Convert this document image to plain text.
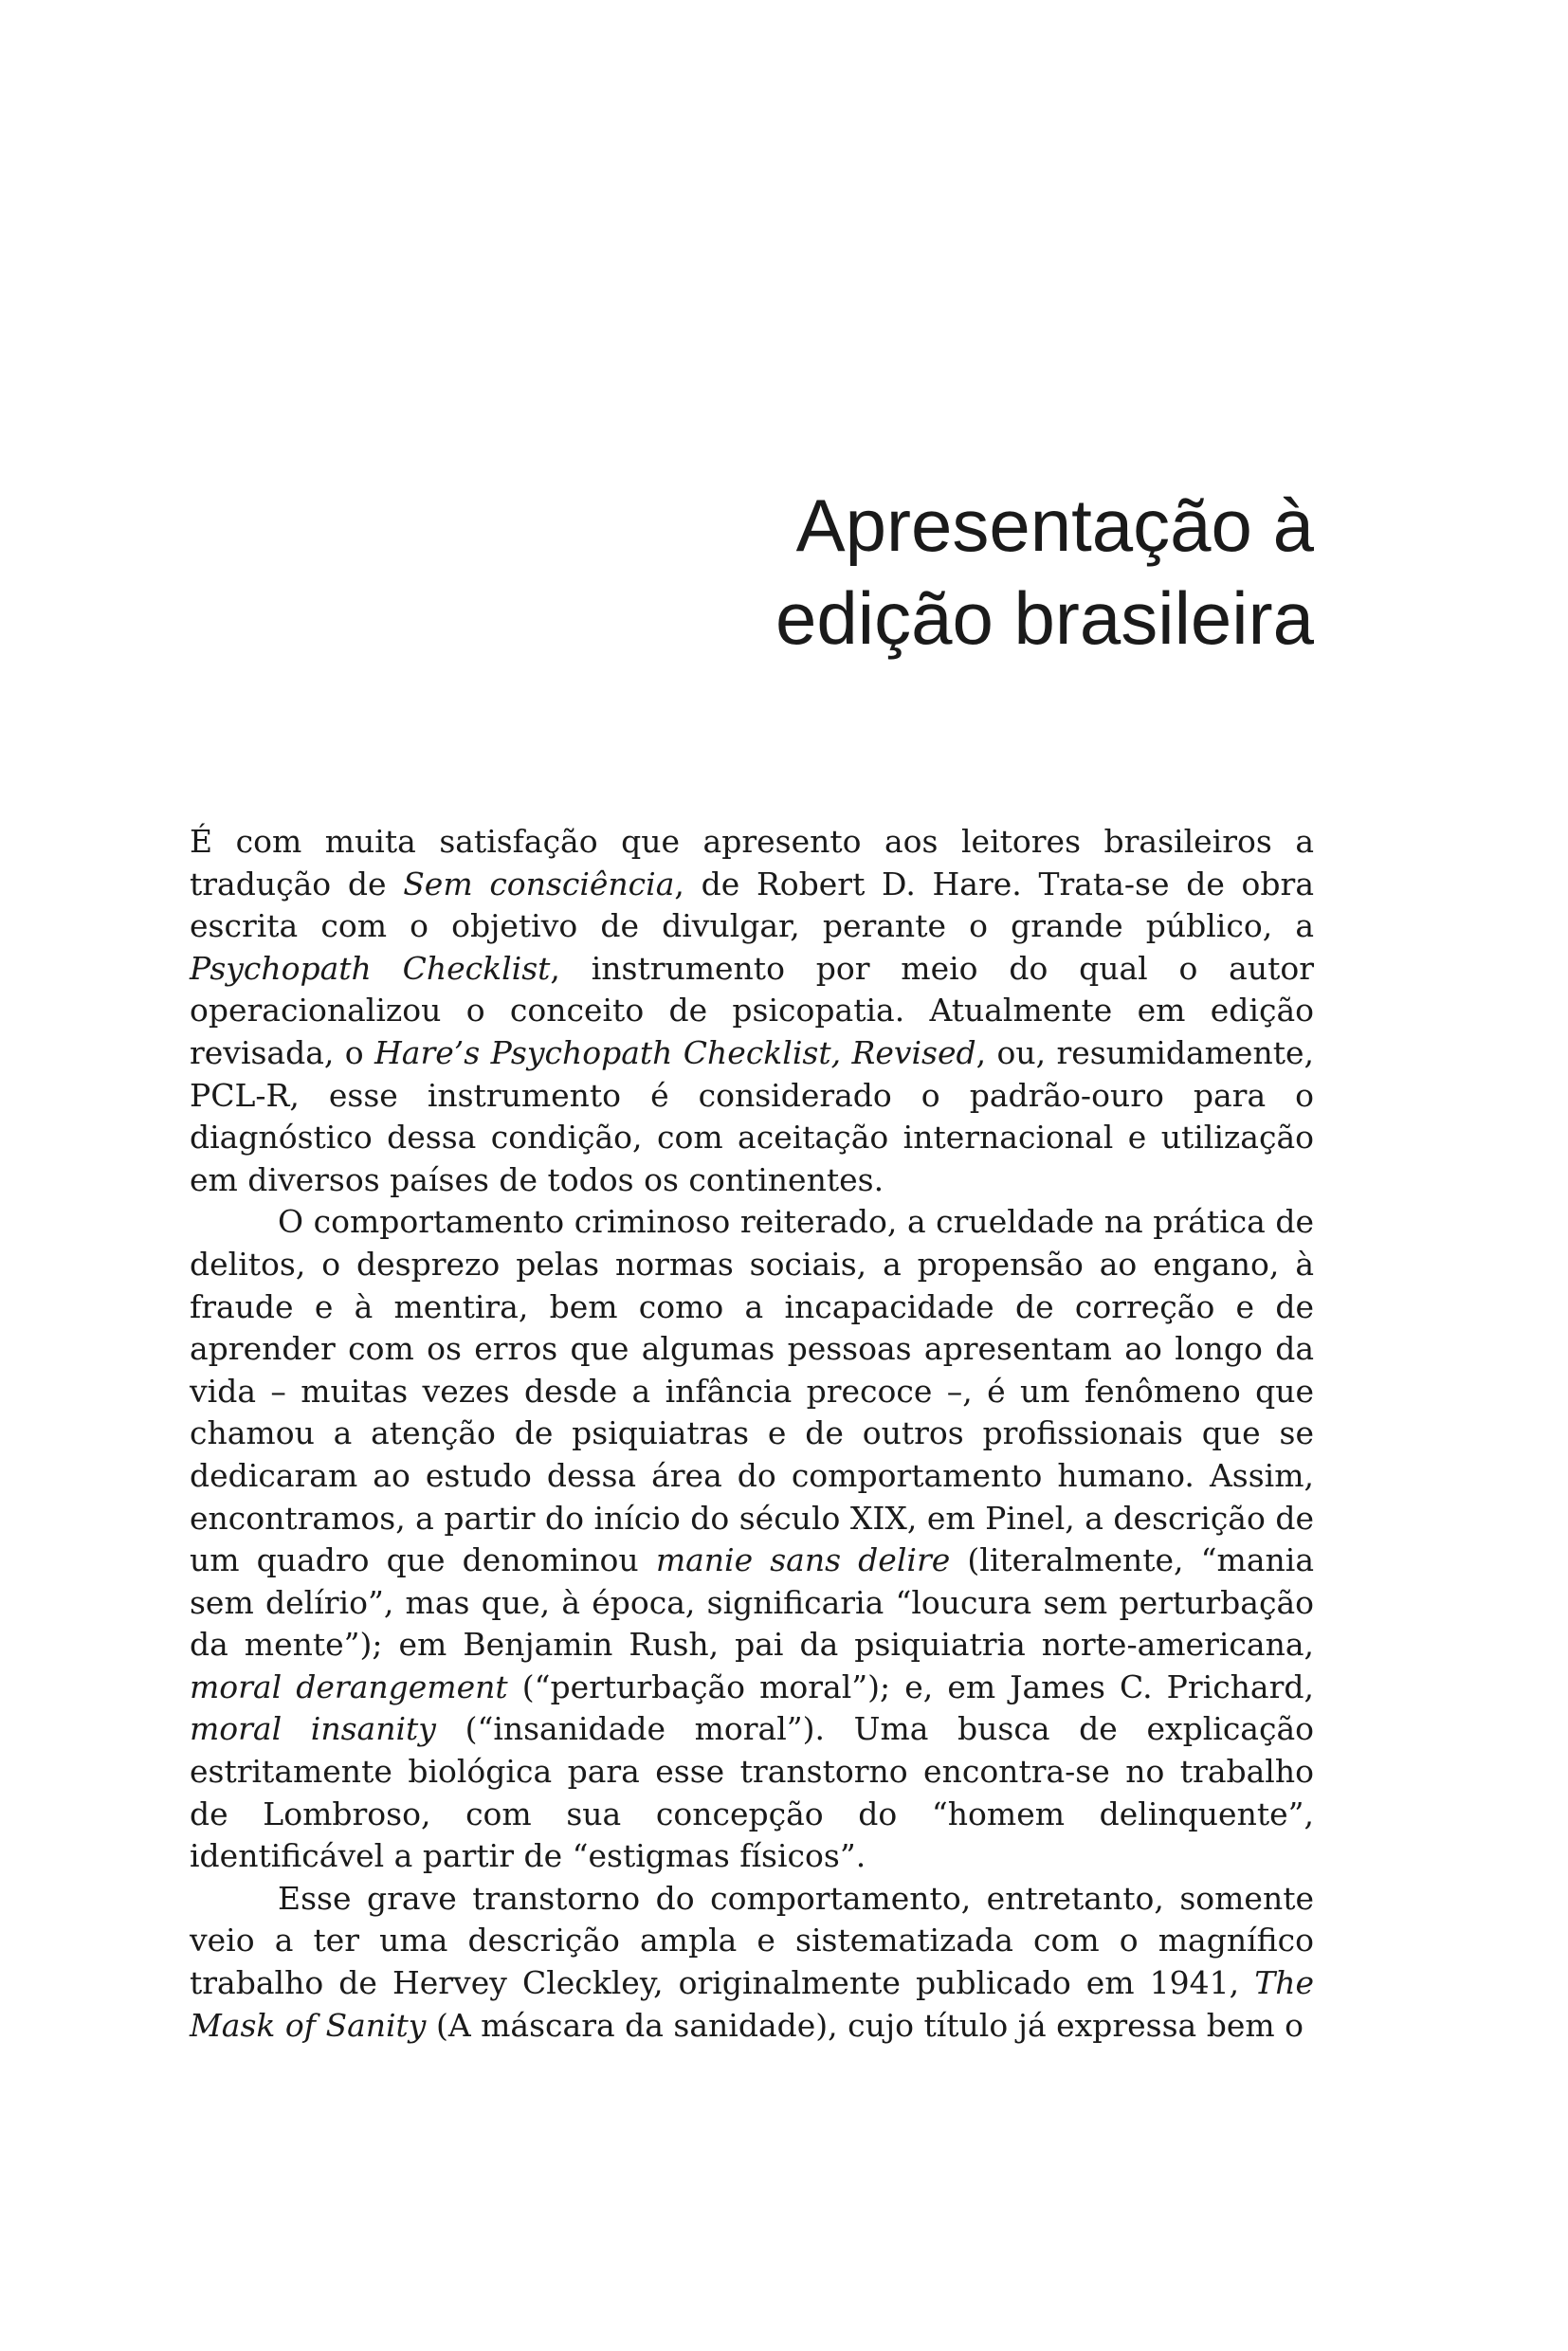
Apresentação à
edição brasileira

É com muita satisfação que apresento aos leitores brasileiros a tradução de Sem consciência, de Robert D. Hare. Trata-se de obra escrita com o objetivo de divulgar, perante o grande público, a Psychopath Checklist, instrumento por meio do qual o autor operacionalizou o conceito de psicopatia. Atualmente em edição revisada, o Hare’s Psychopath Checklist, Revised, ou, resumidamente, PCL-R, esse instrumento é considerado o padrão-ouro para o diagnóstico dessa condição, com aceitação internacional e utilização em diversos países de todos os continentes.

O comportamento criminoso reiterado, a crueldade na prática de delitos, o desprezo pelas normas sociais, a propensão ao engano, à fraude e à mentira, bem como a incapacidade de correção e de aprender com os erros que algumas pessoas apresentam ao longo da vida – muitas vezes desde a infância precoce –, é um fenômeno que chamou a atenção de psiquiatras e de outros profissionais que se dedicaram ao estudo dessa área do comportamento humano. Assim, encontramos, a partir do início do século XIX, em Pinel, a descrição de um quadro que denominou manie sans delire (literalmente, “mania sem delírio”, mas que, à época, significaria “loucura sem perturbação da mente”); em Benjamin Rush, pai da psiquiatria norte-americana, moral derangement (“perturbação moral”); e, em James C. Prichard, moral insanity (“insanidade moral”). Uma busca de explicação estritamente biológica para esse transtorno encontra-se no trabalho de Lombroso, com sua concepção do “homem delinquente”, identificável a partir de “estigmas físicos”.

Esse grave transtorno do comportamento, entretanto, somente veio a ter uma descrição ampla e sistematizada com o magnífico trabalho de Hervey Cleckley, originalmente publicado em 1941, The Mask of Sanity (A máscara da sanidade), cujo título já expressa bem o
